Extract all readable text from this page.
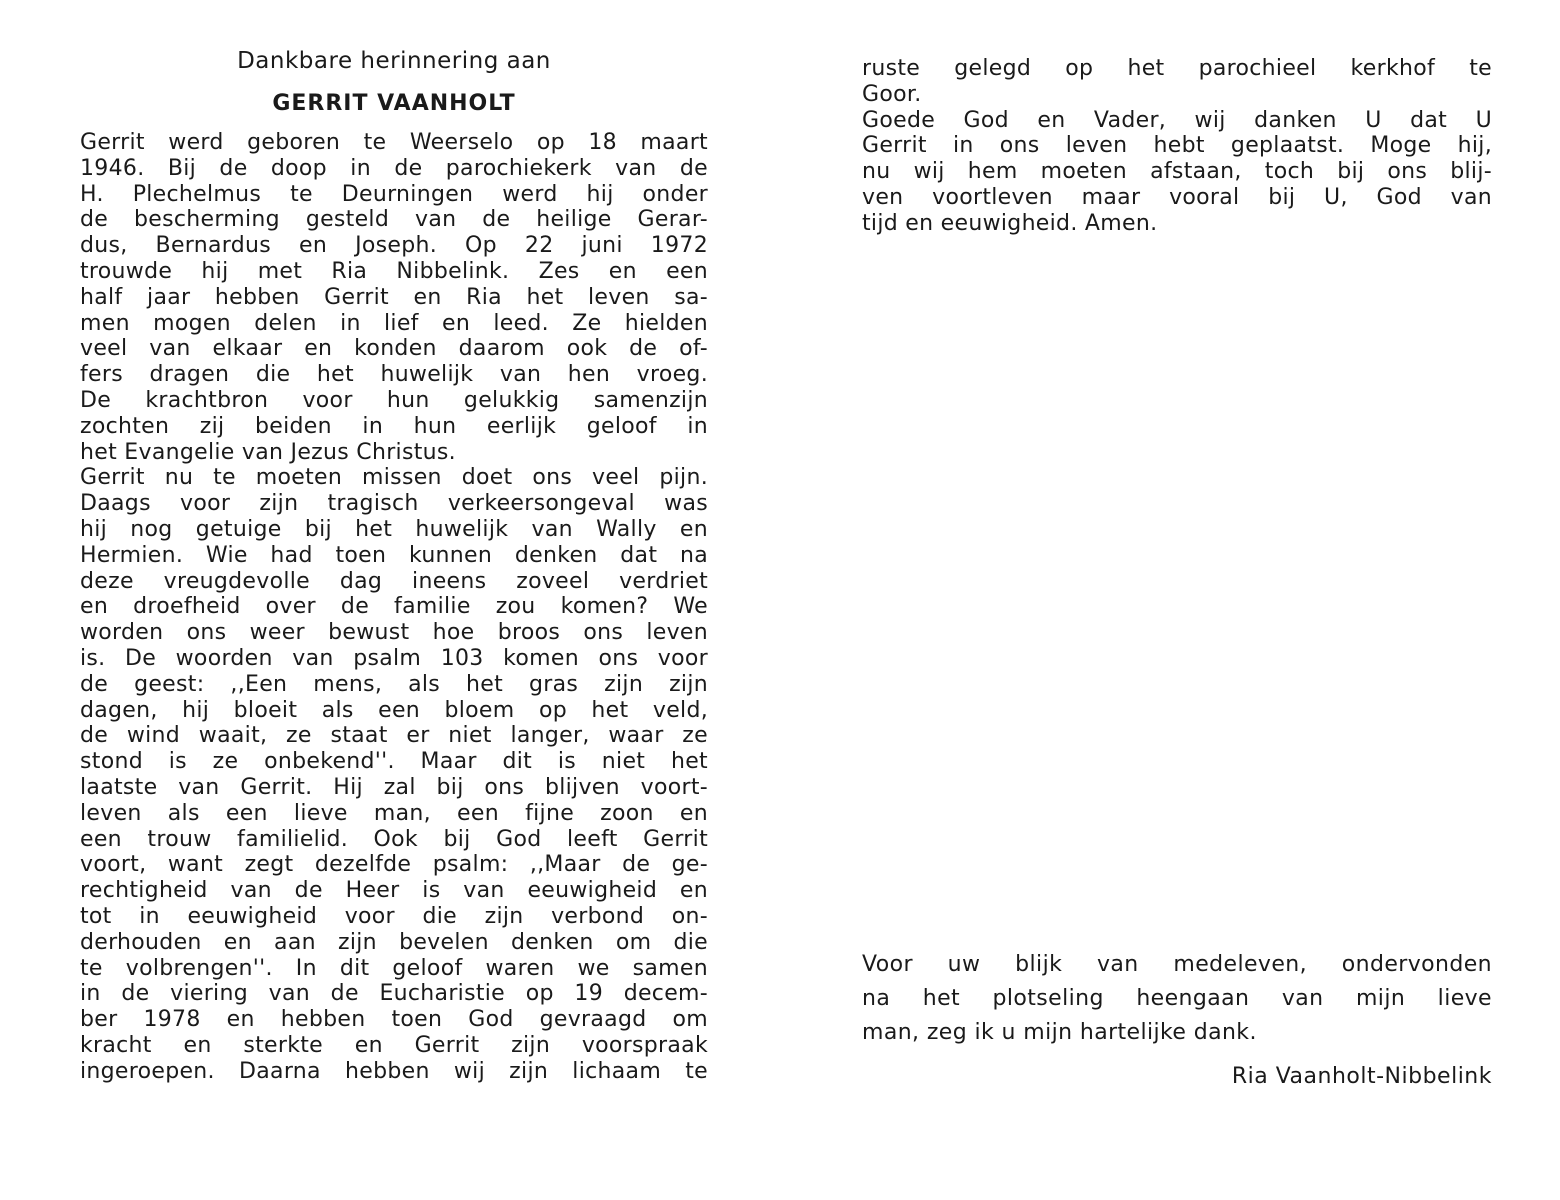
Dankbare herinnering aan

GERRIT VAANHOLT

Gerrit werd geboren te Weerselo op 18 maart
1946. Bij de doop in de parochiekerk van de
H. Plechelmus te Deurningen werd hij onder
de bescherming gesteld van de heilige Gerar-
dus, Bernardus en Joseph. Op 22 juni 1972
trouwde hij met Ria Nibbelink. Zes en een
half jaar hebben Gerrit en Ria het leven sa-
men mogen delen in lief en leed. Ze hielden
veel van elkaar en konden daarom ook de of-
fers dragen die het huwelijk van hen vroeg.
De krachtbron voor hun gelukkig samenzijn
zochten zij beiden in hun eerlijk geloof in
het Evangelie van Jezus Christus.
Gerrit nu te moeten missen doet ons veel pijn.
Daags voor zijn tragisch verkeersongeval was
hij nog getuige bij het huwelijk van Wally en
Hermien. Wie had toen kunnen denken dat na
deze vreugdevolle dag ineens zoveel verdriet
en droefheid over de familie zou komen? We
worden ons weer bewust hoe broos ons leven
is. De woorden van psalm 103 komen ons voor
de geest: ,,Een mens, als het gras zijn zijn
dagen, hij bloeit als een bloem op het veld,
de wind waait, ze staat er niet langer, waar ze
stond is ze onbekend''. Maar dit is niet het
laatste van Gerrit. Hij zal bij ons blijven voort-
leven als een lieve man, een fijne zoon en
een trouw familielid. Ook bij God leeft Gerrit
voort, want zegt dezelfde psalm: ,,Maar de ge-
rechtigheid van de Heer is van eeuwigheid en
tot in eeuwigheid voor die zijn verbond on-
derhouden en aan zijn bevelen denken om die
te volbrengen''. In dit geloof waren we samen
in de viering van de Eucharistie op 19 decem-
ber 1978 en hebben toen God gevraagd om
kracht en sterkte en Gerrit zijn voorspraak
ingeroepen. Daarna hebben wij zijn lichaam te
ruste gelegd op het parochieel kerkhof te
Goor.
Goede God en Vader, wij danken U dat U
Gerrit in ons leven hebt geplaatst. Moge hij,
nu wij hem moeten afstaan, toch bij ons blij-
ven voortleven maar vooral bij U, God van
tijd en eeuwigheid. Amen.
Voor uw blijk van medeleven, ondervonden
na het plotseling heengaan van mijn lieve
man, zeg ik u mijn hartelijke dank.

Ria Vaanholt-Nibbelink
